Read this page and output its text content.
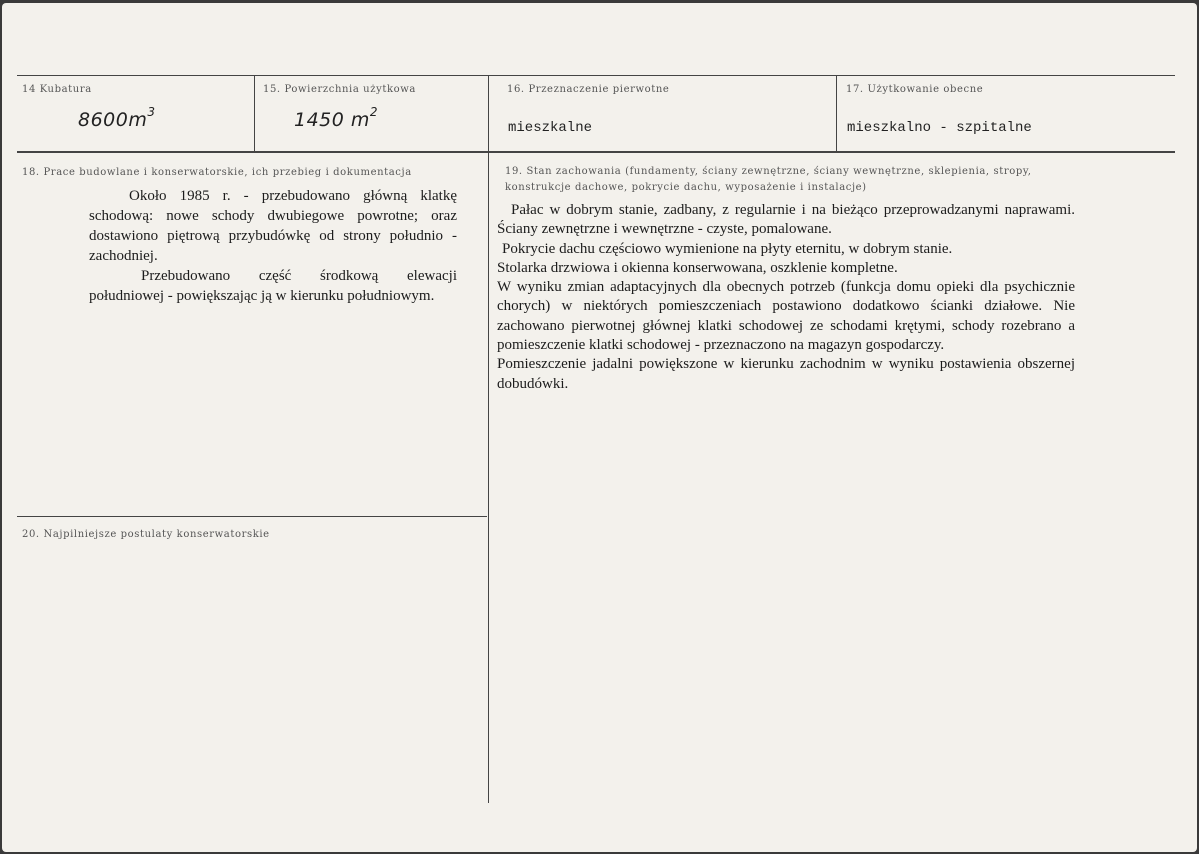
14 Kubatura
$8600m^3$
15. Powierzchnia użytkowa
1450 $m^2$
16. Przeznaczenie pierwotne
mieszkalne
17. Użytkowanie obecne
mieszkalno - szpitalne
18. Prace budowlane i konserwatorskie, ich przebieg i dokumentacja

Około 1985 r. - przebudowano główną klatkę schodową: nowe schody dwubiegowe powrotne; oraz dostawiono piętrową przybudówkę od strony południo - zachodniej.

Przebudowano część środkową elewacji południowej - powiększając ją w kierunku południowym.

19. Stan zachowania (fundamenty, ściany zewnętrzne, ściany wewnętrzne, sklepienia, stropy, konstrukcje dachowe, pokrycie dachu, wyposażenie i instalacje)

Pałac w dobrym stanie, zadbany, z regularnie i na bieżąco przeprowadzanymi naprawami. Ściany zewnętrzne i wewnętrzne - czyste, pomalowane.

Pokrycie dachu częściowo wymienione na płyty eternitu, w dobrym stanie.

Stolarka drzwiowa i okienna konserwowana, oszklenie kompletne.

W wyniku zmian adaptacyjnych dla obecnych potrzeb (funkcja domu opieki dla psychicznie chorych) w niektórych pomieszczeniach postawiono dodatkowo ścianki działowe. Nie zachowano pierwotnej głównej klatki schodowej ze schodami krętymi, schody rozebrano a pomieszczenie klatki schodowej - przeznaczono na magazyn gospodarczy.

Pomieszczenie jadalni powiększone w kierunku zachodnim w wyniku postawienia obszernej dobudówki.

20. Najpilniejsze postulaty konserwatorskie
